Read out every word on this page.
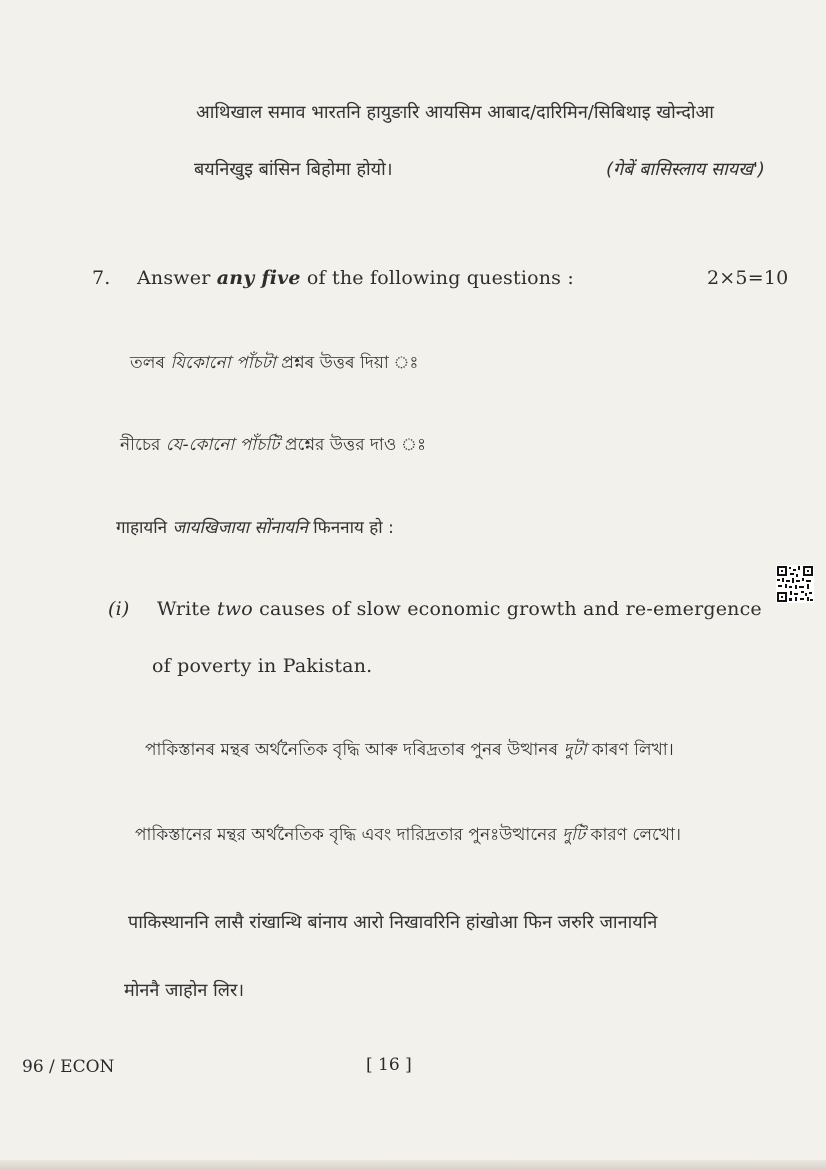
आथिखाल समाव भारतनि हायुङारि आयसिम आबाद/दारिमिन/सिबिथाइ खोन्दोआ
बयनिखुइ बांसिन बिहोमा होयो।	(गेबें बासिस्लाय सायख')
7. Answer any five of the following questions :	2×5=10
তলৰ যিকোনো পাঁচটা প্ৰশ্নৰ উত্তৰ দিয়া ঃ
নীচের যে-কোনো পাঁচটি প্রশ্নের উত্তর দাও ঃ
गाहायनि जायखिजाया सोंनायनि फिननाय हो :
(i) Write two causes of slow economic growth and re-emergence
of poverty in Pakistan.
পাকিস্তানৰ মন্থৰ অৰ্থনৈতিক বৃদ্ধি আৰু দৰিদ্ৰতাৰ পুনৰ উত্থানৰ দুটা কাৰণ লিখা।
পাকিস্তানের মন্থর অর্থনৈতিক বৃদ্ধি এবং দারিদ্রতার পুনঃউত্থানের দুটি কারণ লেখো।
पाकिस्थाननि लासै रांखान्थि बांनाय आरो निखावरिनि हांखोआ फिन जरुरि जानायनि
मोननै जाहोन लिर।
96 / ECON	[ 16 ]
